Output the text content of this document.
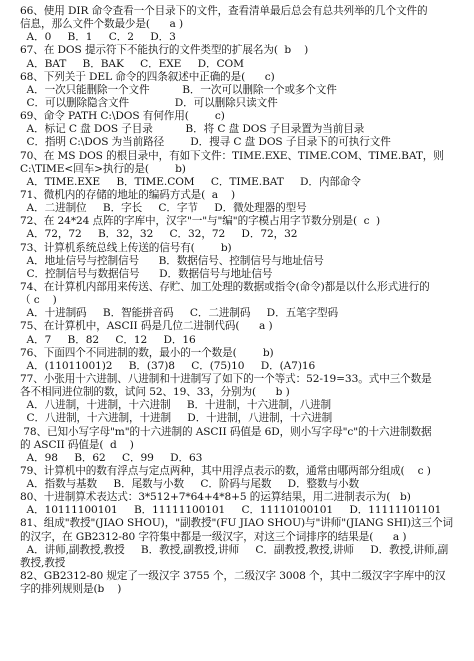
66、使用 DIR 命令查看一个目录下的文件，查看清单最后总会有总共列举的几个文件的
信息，那么文件个数最少是(      a )
A．0     B．1     C．2     D．3
67、在 DOS 提示符下不能执行的文件类型的扩展名为(  b    )
A．BAT     B．BAK     C．EXE     D．COM
68、下列关于 DEL 命令的四条叙述中正确的是(      c)
A．一次只能删除一个文件          B．一次可以删除一个或多个文件
C．可以删除隐含文件              D．可以删除只读文件
69、命令 PATH C:\DOS 有何作用(        c)
A．标记 C 盘 DOS 子目录          B．将 C 盘 DOS 子目录置为当前目录
C．指明 C:\DOS 为当前路径        D．搜寻 C 盘 DOS 子目录下的可执行文件
70、在 MS DOS 的根目录中，有如下文件：TIME.EXE、TIME.COM、TIME.BAT，则
C:\TIME<回车>执行的是(        b)
A．TIME.EXE     B．TIME.COM     C．TIME.BAT     D．内部命令
71、微机内的存储的地址的编码方式是(  a    )
A．二进制位     B．字长     C．字节     D．微处理器的型号
72、在 24*24 点阵的字库中，汉字"一"与"编"的字模占用字节数分别是(  c  )
A．72，72     B．32，32     C．32，72     D．72，32
73、计算机系统总线上传送的信号有(        b)
A．地址信号与控制信号      B．数据信号、控制信号与地址信号
C．控制信号与数据信号      D．数据信号与地址信号
74、在计算机内部用来传送、存贮、加工处理的数据或指令(命令)都是以什么形式进行的
（ c    )
A．十进制码     B．智能拼音码     C．二进制码     D．五笔字型码
75、在计算机中，ASCII 码是几位二进制代码(      a )
A．7     B．82     C．12     D．16
76、下面四个不同进制的数，最小的一个数是(        b)
A．(11011001)2     B．(37)8     C．(75)10     D．(A7)16
77、小张用十六进制、八进制和十进制写了如下的一个等式：52-19=33。式中三个数是
各不相同进位制的数，试问 52、19、33，分别为(      b )
A．八进制，十进制，十六进制     B．十进制，十六进制，八进制
C．八进制，十六进制，十进制     D．十进制，八进制，十六进制
78、已知小写字母"m"的十六进制的 ASCII 码值是 6D，则小写字母"c"的十六进制数据
的 ASCII 码值是(  d    )
A．98     B．62     C．99     D．63
79、计算机中的数有浮点与定点两种，其中用浮点表示的数，通常由哪两部分组成(    c )
A．指数与基数     B．尾数与小数     C．阶码与尾数     D．整数与小数
80、十进制算术表达式：3*512+7*64+4*8+5 的运算结果，用二进制表示为(   b)
A．10111100101     B．11111100101     C．11110100101     D．11111101101
81、组成"教授"(JIAO SHOU)，"副教授"(FU JIAO SHOU)与"讲师"(JIANG SHI)这三个词
的汉字，在 GB2312-80 字符集中都是一级汉字，对这三个词排序的结果是(      a )
A．讲师,副教授,教授     B．教授,副教授,讲师     C．副教授,教授,讲师     D．教授,讲师,副
教授,教授
82、GB2312-80 规定了一级汉字 3755 个，二级汉字 3008 个，其中二级汉字字库中的汉
字的排列规则是(b    )
